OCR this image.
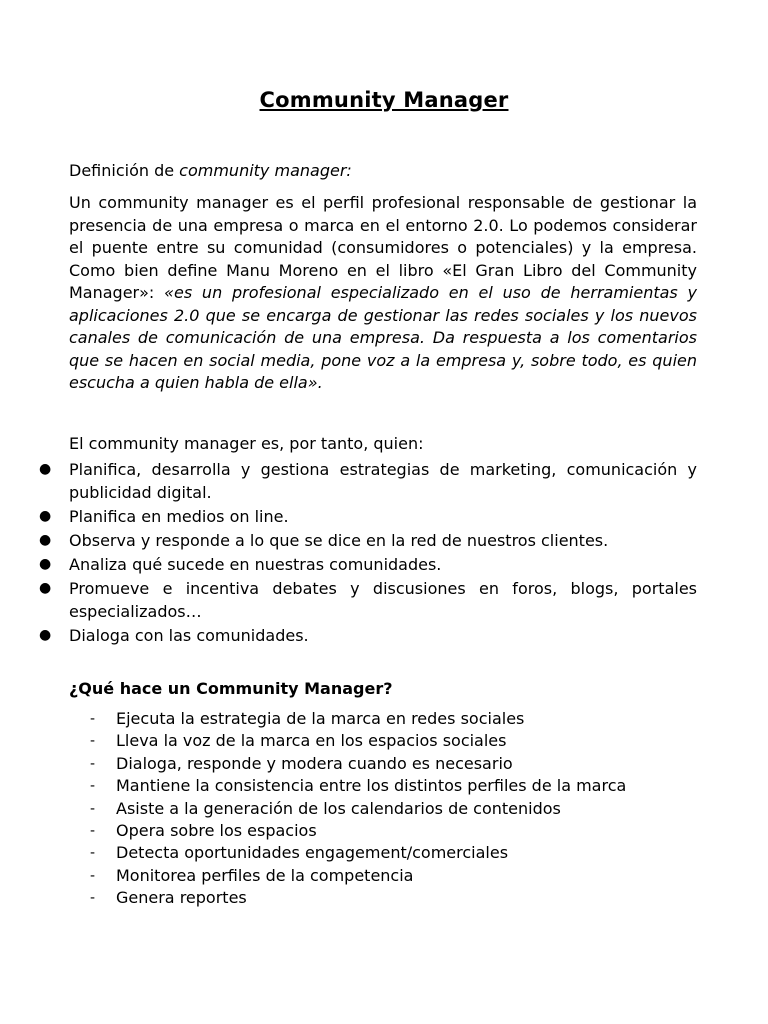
Community Manager
Definición de community manager:
Un community manager es el perfil profesional responsable de gestionar la presencia de una empresa o marca en el entorno 2.0. Lo podemos considerar el puente entre su comunidad (consumidores o potenciales) y la empresa. Como bien define Manu Moreno en el libro «El Gran Libro del Community Manager»: «es un profesional especializado en el uso de herramientas y aplicaciones 2.0 que se encarga de gestionar las redes sociales y los nuevos canales de comunicación de una empresa. Da respuesta a los comentarios que se hacen en social media, pone voz a la empresa y, sobre todo, es quien escucha a quien habla de ella».
El community manager es, por tanto, quien:
● Planifica, desarrolla y gestiona estrategias de marketing, comunicación y publicidad digital.
● Planifica en medios on line.
● Observa y responde a lo que se dice en la red de nuestros clientes.
● Analiza qué sucede en nuestras comunidades.
● Promueve e incentiva debates y discusiones en foros, blogs, portales especializados…
● Dialoga con las comunidades.
¿Qué hace un Community Manager?
- Ejecuta la estrategia de la marca en redes sociales
- Lleva la voz de la marca en los espacios sociales
- Dialoga, responde y modera cuando es necesario
- Mantiene la consistencia entre los distintos perfiles de la marca
- Asiste a la generación de los calendarios de contenidos
- Opera sobre los espacios
- Detecta oportunidades engagement/comerciales
- Monitorea perfiles de la competencia
- Genera reportes
